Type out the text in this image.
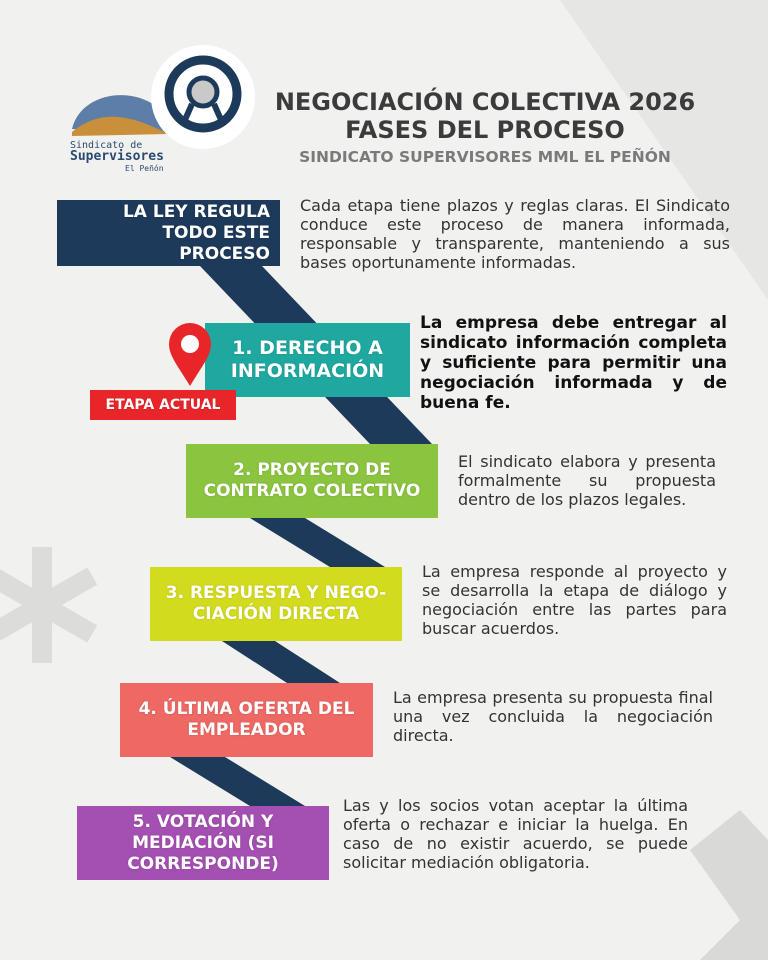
Sindicato de
Supervisores
El Peñón
NEGOCIACIÓN COLECTIVA 2026
FASES DEL PROCESO
SINDICATO SUPERVISORES MML EL PEÑÓN
LA LEY REGULA TODO ESTE PROCESO
Cada etapa tiene plazos y reglas claras. El Sindicato conduce este proceso de manera informada, responsable y transparente, manteniendo a sus bases oportunamente informadas.
1. DERECHO A INFORMACIÓN
ETAPA ACTUAL
La empresa debe entregar al sindicato información completa y suficiente para permitir una negociación informada y de buena fe.
2. PROYECTO DE CONTRATO COLECTIVO
El sindicato elabora y presenta formalmente su propuesta dentro de los plazos legales.
3. RESPUESTA Y NEGO-CIACIÓN DIRECTA
La empresa responde al proyecto y se desarrolla la etapa de diálogo y negociación entre las partes para buscar acuerdos.
4. ÚLTIMA OFERTA DEL EMPLEADOR
La empresa presenta su propuesta final una vez concluida la negociación directa.
5. VOTACIÓN Y MEDIACIÓN (SI CORRESPONDE)
Las y los socios votan aceptar la última oferta o rechazar e iniciar la huelga. En caso de no existir acuerdo, se puede solicitar mediación obligatoria.
